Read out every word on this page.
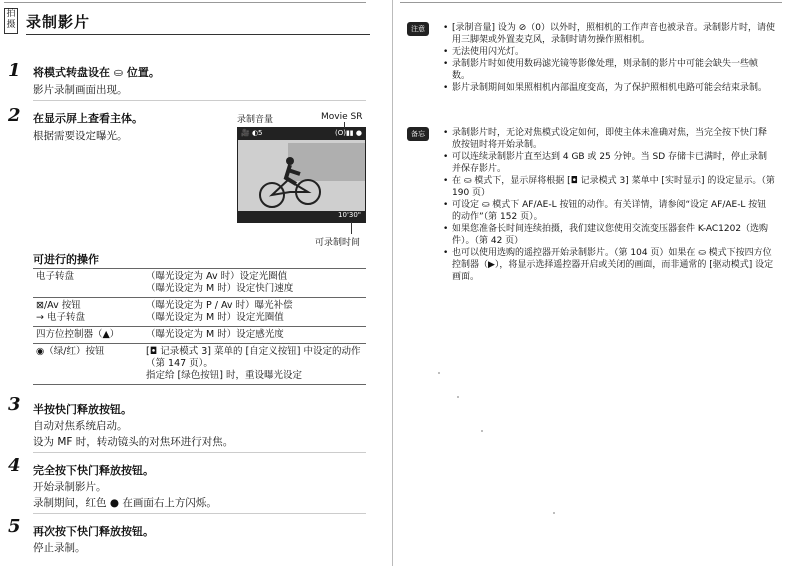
拍摄 录制影片
1 将模式转盘设在 ⛀ 位置。
影片录制画面出现。
2 在显示屏上查看主体。
根据需要设定曝光。
录制音量	Movie SR
🎥 ◐5	(O)▮▮ ●
10'30"
可录制时间
可进行的操作
电子转盘	（曝光设定为 Av 时）设定光圈值
（曝光设定为 M 时）设定快门速度
⊠/Av 按钮
→ 电子转盘	（曝光设定为 P / Av 时）曝光补偿
（曝光设定为 M 时）设定光圈值
四方位控制器（▲）	（曝光设定为 M 时）设定感光度
◉（绿/红）按钮	[◘ 记录模式 3] 菜单的 [自定义按钮] 中设定的动作（第 147 页）。
指定给 [绿色按钮] 时，重设曝光设定
3 半按快门释放按钮。
自动对焦系统启动。
设为 MF 时，转动镜头的对焦环进行对焦。
4 完全按下快门释放按钮。
开始录制影片。
录制期间，红色 ● 在画面右上方闪烁。
5 再次按下快门释放按钮。
停止录制。
注意	• [录制音量] 设为 ⊘（0）以外时，照相机的工作声音也被录音。录制影片时，请使用三脚架或外置麦克风，录制时请勿操作照相机。
• 无法使用闪光灯。
• 录制影片时如使用数码滤光镜等影像处理，则录制的影片中可能会缺失一些帧数。
• 影片录制期间如果照相机内部温度变高，为了保护照相机电路可能会结束录制。
备忘	• 录制影片时，无论对焦模式设定如何，即使主体未准确对焦，当完全按下快门释放按钮时将开始录制。
• 可以连续录制影片直至达到 4 GB 或 25 分钟。当 SD 存储卡已满时，停止录制并保存影片。
• 在 ⛀ 模式下，显示屏将根据 [◘ 记录模式 3] 菜单中 [实时显示] 的设定显示。（第 190 页）
• 可设定 ⛀ 模式下 AF/AE-L 按钮的动作。有关详情，请参阅“设定 AF/AE-L 按钮的动作”（第 152 页）。
• 如果您准备长时间连续拍摄，我们建议您使用交流变压器套件 K-AC1202（选购件）。（第 42 页）
• 也可以使用选购的遥控器开始录制影片。（第 104 页）如果在 ⛀ 模式下按四方位控制器（▶），将显示选择遥控器开启或关闭的画面，而非通常的 [驱动模式] 设定画面。
